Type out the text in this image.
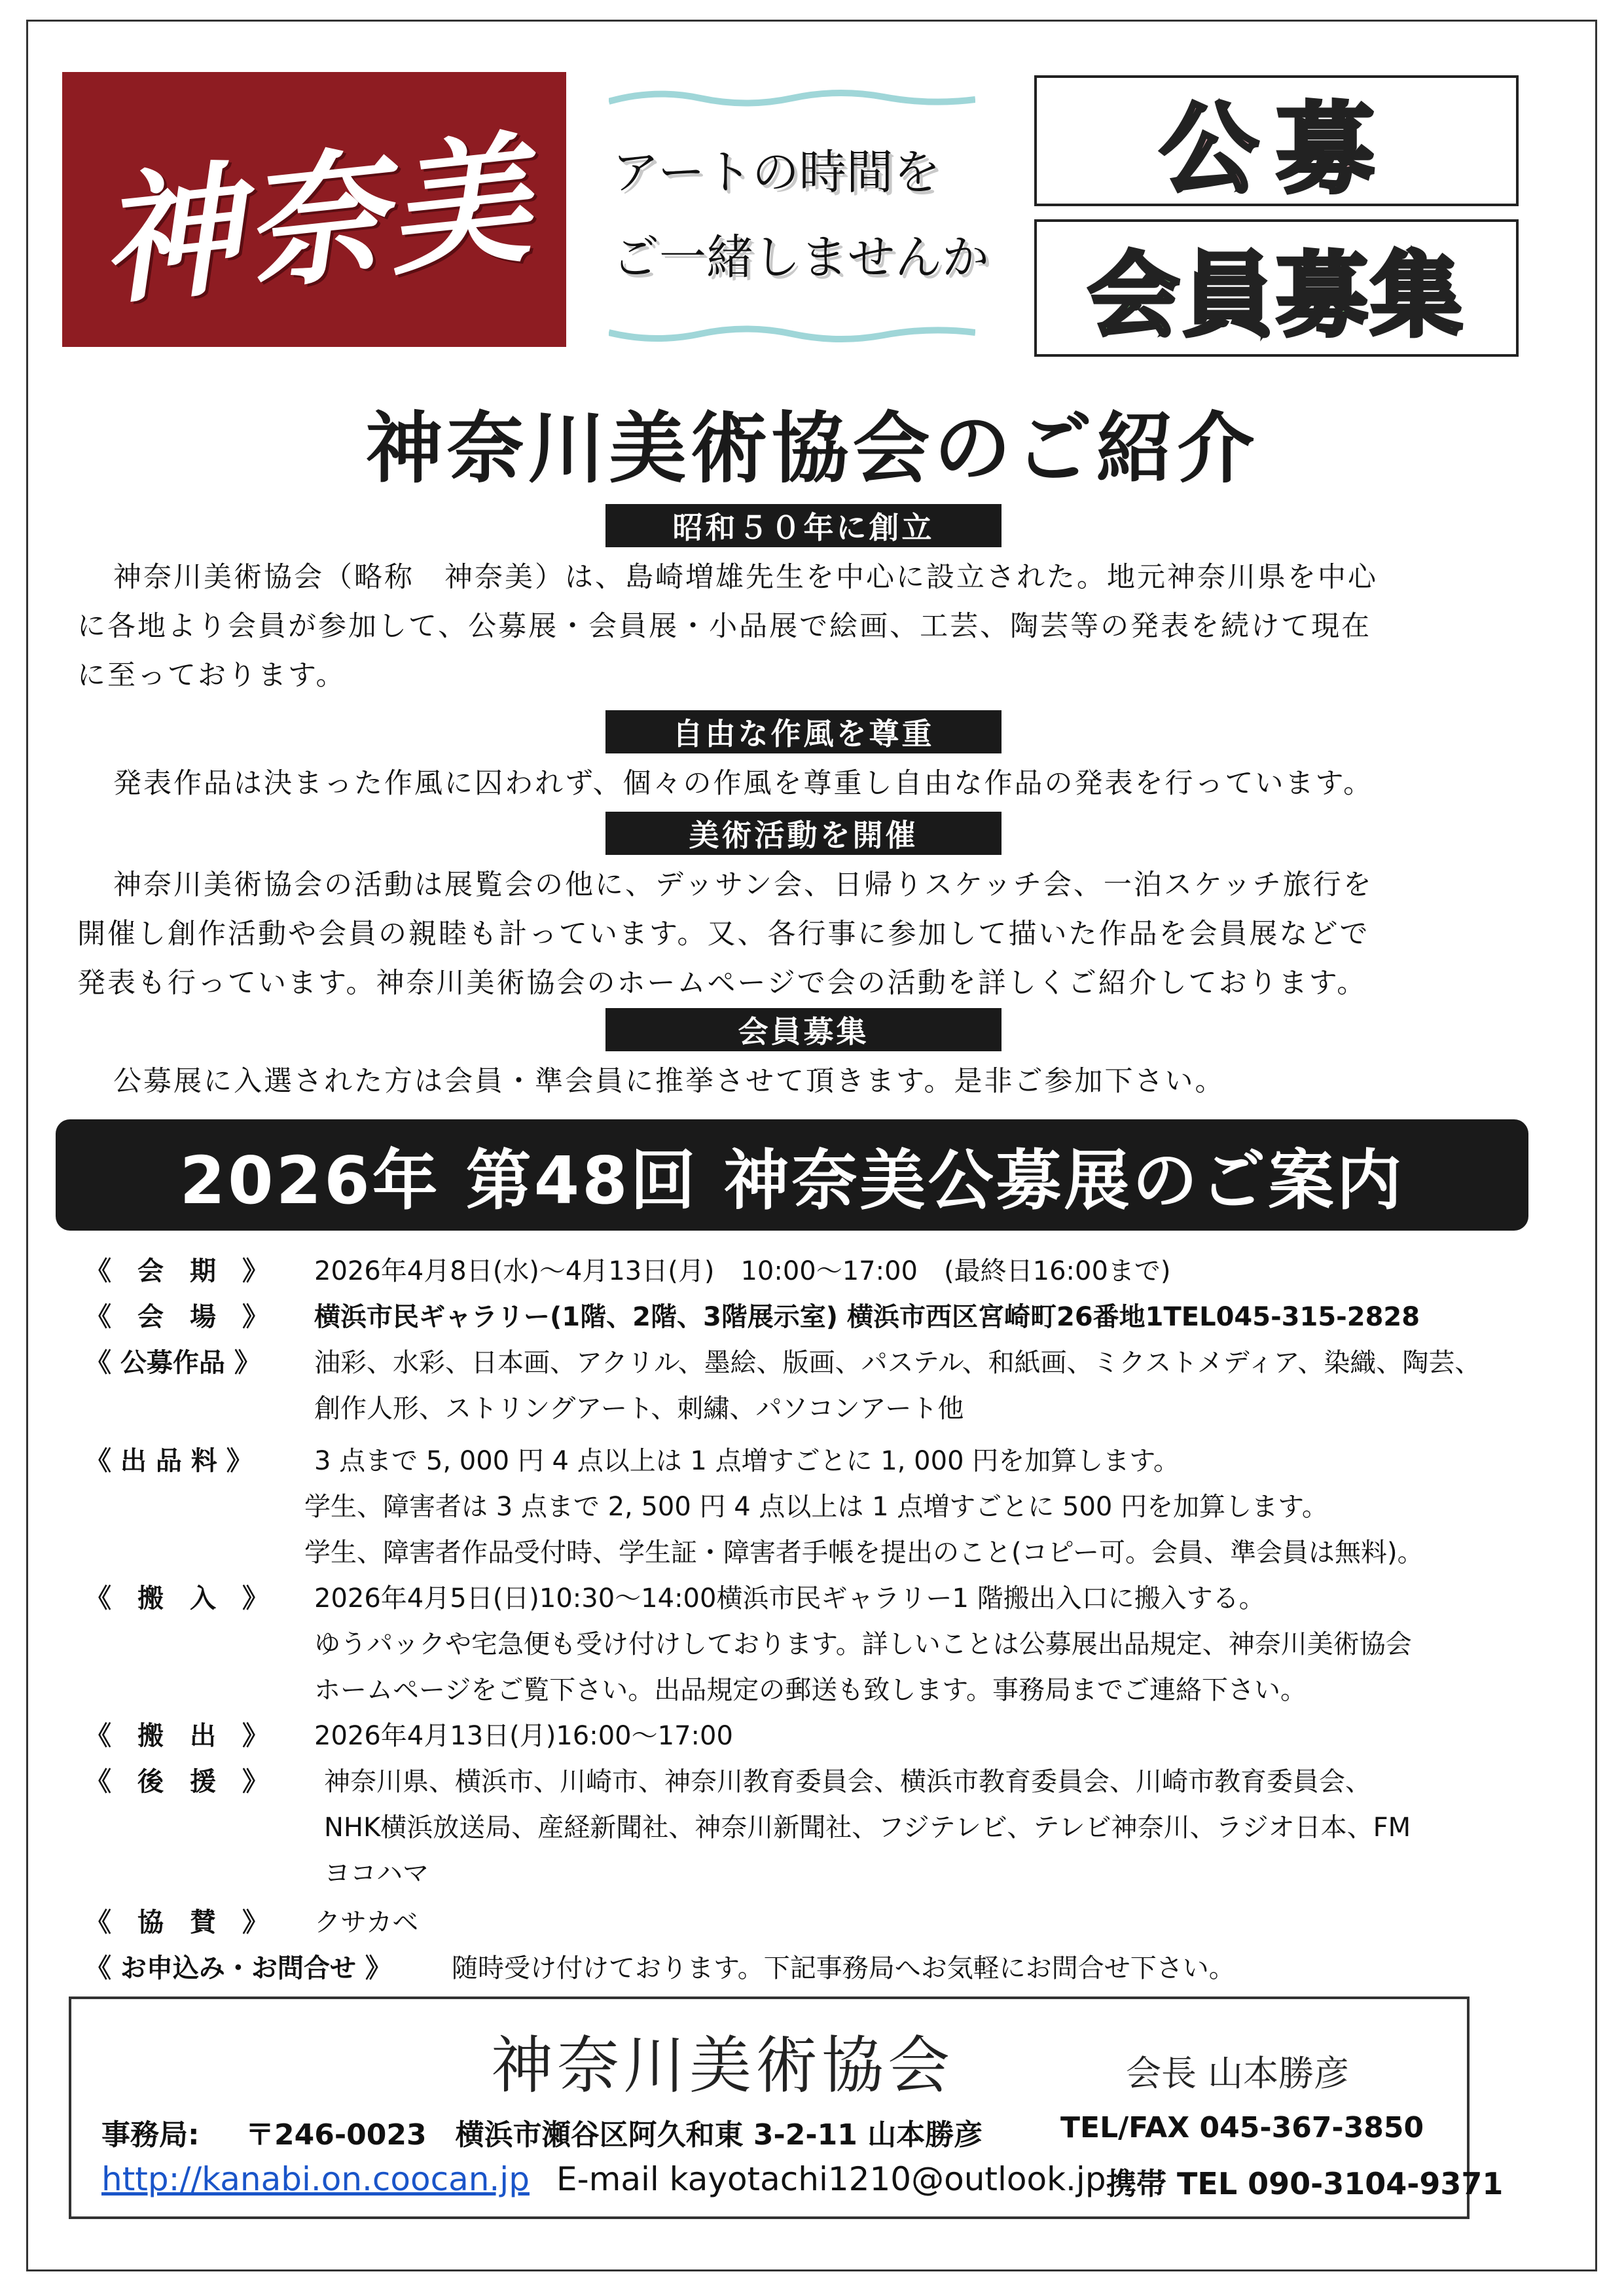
神奈美 アートの時間を
ご一緒しませんか
公募
会員募集
神奈川美術協会のご紹介
昭和５０年に創立
神奈川美術協会（略称　神奈美）は、島崎増雄先生を中心に設立された。地元神奈川県を中心
に各地より会員が参加して、公募展・会員展・小品展で絵画、工芸、陶芸等の発表を続けて現在
に至っております。
自由な作風を尊重
発表作品は決まった作風に囚われず、個々の作風を尊重し自由な作品の発表を行っています。
美術活動を開催
神奈川美術協会の活動は展覧会の他に、デッサン会、日帰りスケッチ会、一泊スケッチ旅行を
開催し創作活動や会員の親睦も計っています。又、各行事に参加して描いた作品を会員展などで
発表も行っています。神奈川美術協会のホームページで会の活動を詳しくご紹介しております。
会員募集
公募展に入選された方は会員・準会員に推挙させて頂きます。是非ご参加下さい。
2026年 第48回 神奈美公募展のご案内
《　会　期　》 2026年4月8日(水)～4月13日(月)　10:00～17:00　(最終日16:00まで)
《　会　場　》 横浜市民ギャラリー(1階、2階、3階展示室) 横浜市西区宮崎町26番地1TEL045-315-2828
《 公募作品 》 油彩、水彩、日本画、アクリル、墨絵、版画、パステル、和紙画、ミクストメディア、染織、陶芸、
創作人形、ストリングアート、刺繍、パソコンアート他
《 出 品 料 》 3 点まで 5, 000 円 4 点以上は 1 点増すごとに 1, 000 円を加算します。
学生、障害者は 3 点まで 2, 500 円 4 点以上は 1 点増すごとに 500 円を加算します。
学生、障害者作品受付時、学生証・障害者手帳を提出のこと(コピー可。会員、準会員は無料)。
《　搬　入　》 2026年4月5日(日)10:30～14:00横浜市民ギャラリー1 階搬出入口に搬入する。
ゆうパックや宅急便も受け付けしております。詳しいことは公募展出品規定、神奈川美術協会
ホームページをご覧下さい。出品規定の郵送も致します。事務局までご連絡下さい。
《　搬　出　》 2026年4月13日(月)16:00～17:00
《　後　援　》 神奈川県、横浜市、川崎市、神奈川教育委員会、横浜市教育委員会、川崎市教育委員会、
NHK横浜放送局、産経新聞社、神奈川新聞社、フジテレビ、テレビ神奈川、ラジオ日本、FM
ヨコハマ
《　協　賛　》 クサカベ
《 お申込み・お問合せ 》 随時受け付けております。下記事務局へお気軽にお問合せ下さい。
神奈川美術協会	会長 山本勝彦
事務局: 〒246-0023　横浜市瀬谷区阿久和東 3-2-11 山本勝彦	TEL/FAX 045-367-3850
http://kanabi.on.coocan.jp E-mail kayotachi1210@outlook.jp 携帯 TEL 090-3104-9371
